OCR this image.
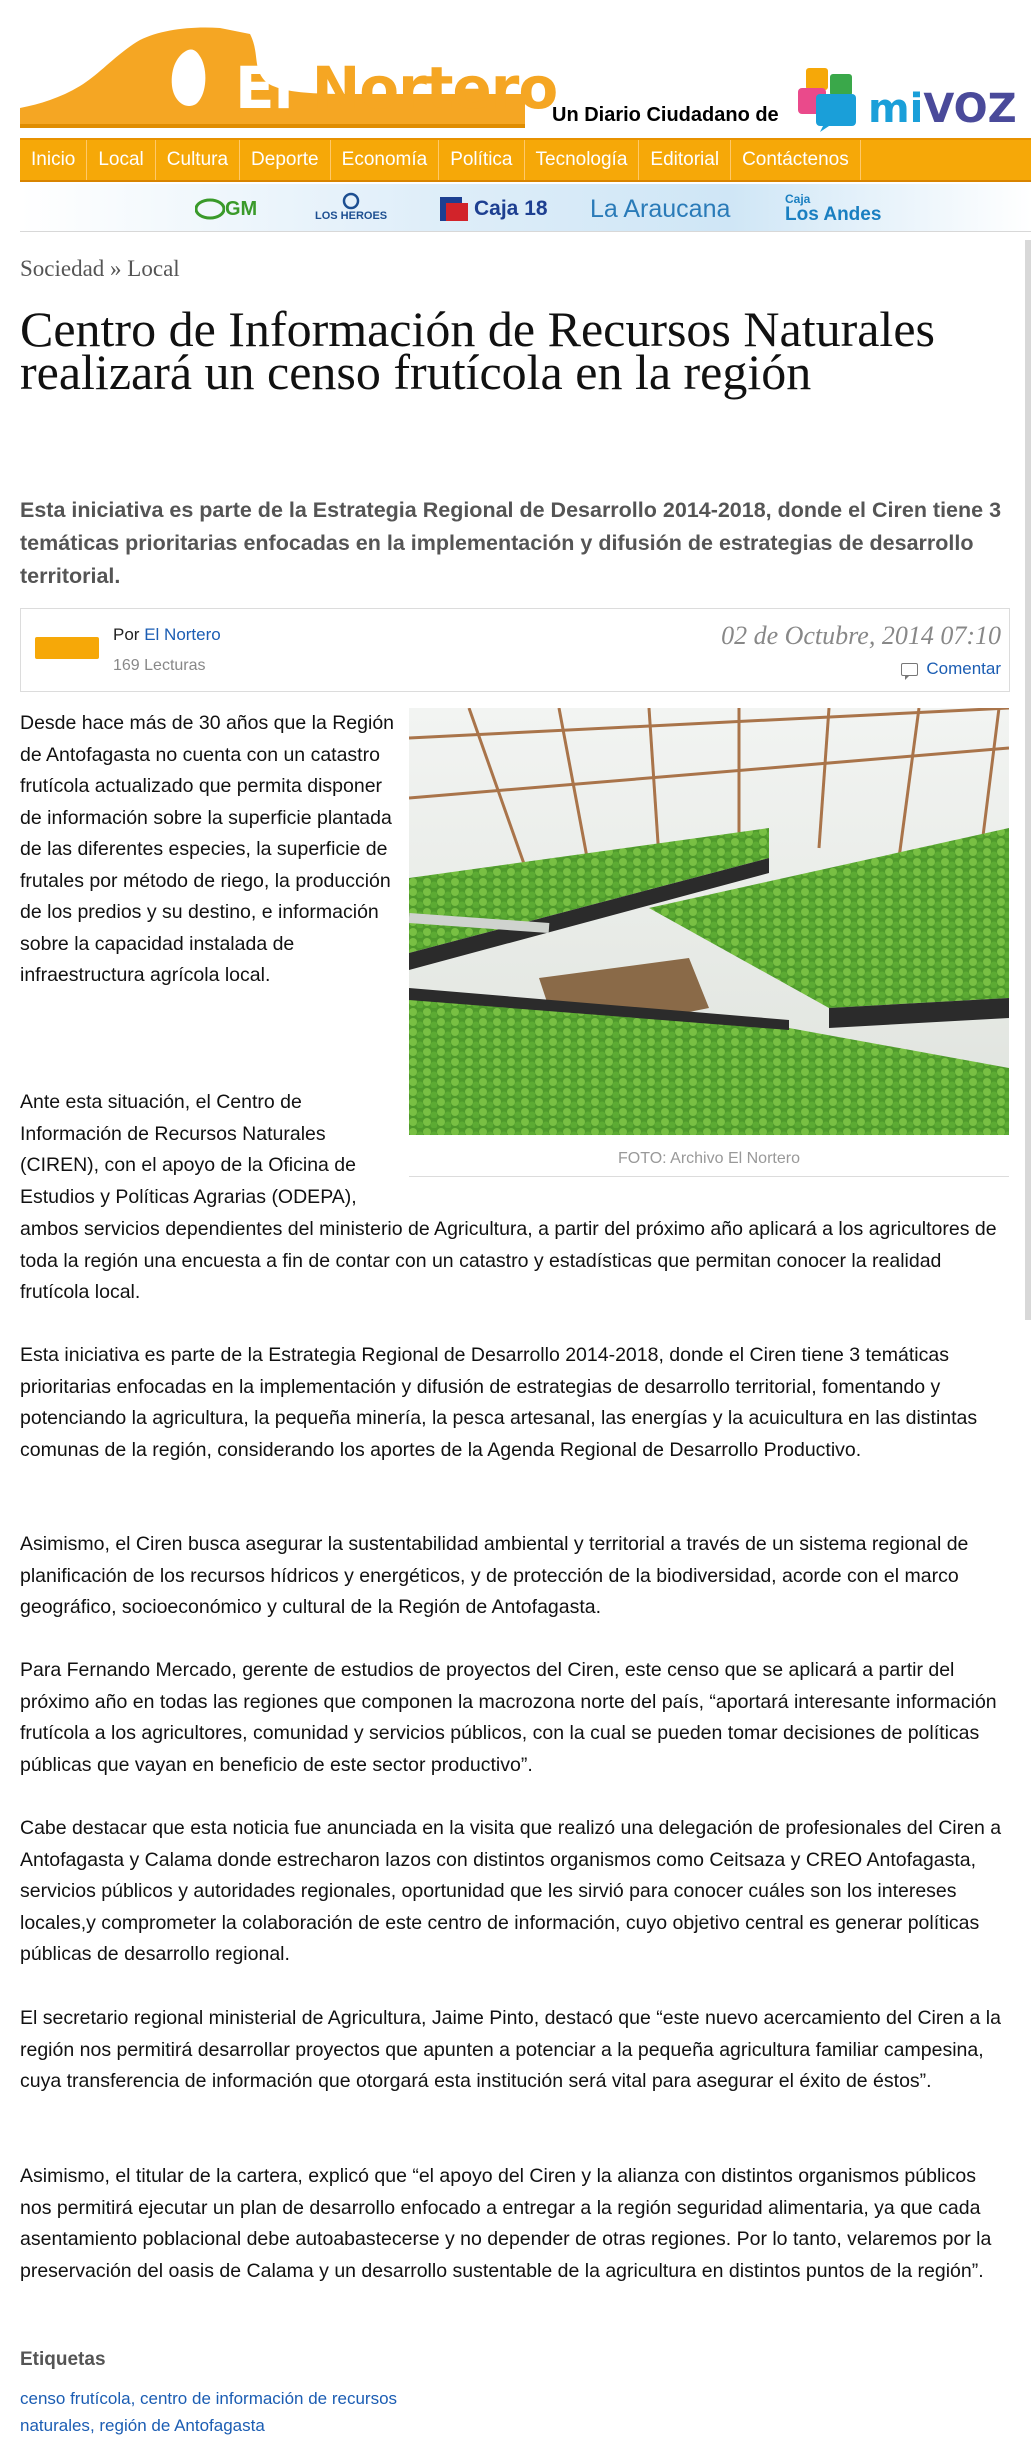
El Nortero
Un Diario Ciudadano de miVOZ
Inicio	Local	Cultura	Deporte	Economía	Política	Tecnología	Editorial	Contáctenos
GM	LOS HEROES	Caja 18 La Araucana	Caja
Los Andes
Sociedad » Local
Centro de Información de Recursos Naturales realizará un censo frutícola en la región
Esta iniciativa es parte de la Estrategia Regional de Desarrollo 2014-2018, donde el Ciren tiene 3 temáticas prioritarias enfocadas en la implementación y difusión de estrategias de desarrollo territorial.
Por El Nortero
169 Lecturas
02 de Octubre, 2014 07:10
Comentar
FOTO: Archivo El Nortero

Desde hace más de 30 años que la Región de Antofagasta no cuenta con un catastro frutícola actualizado que permita disponer de información sobre la superficie plantada de las diferentes especies, la superficie de frutales por método de riego, la producción de los predios y su destino, e información sobre la capacidad instalada de infraestructura agrícola local.

Ante esta situación, el Centro de Información de Recursos Naturales (CIREN), con el apoyo de la Oficina de Estudios y Políticas Agrarias (ODEPA),

ambos servicios dependientes del ministerio de Agricultura, a partir del próximo año aplicará a los agricultores de toda la región una encuesta a fin de contar con un catastro y estadísticas que permitan conocer la realidad frutícola local.

Esta iniciativa es parte de la Estrategia Regional de Desarrollo 2014-2018, donde el Ciren tiene 3 temáticas prioritarias enfocadas en la implementación y difusión de estrategias de desarrollo territorial, fomentando y potenciando la agricultura, la pequeña minería, la pesca artesanal, las energías y la acuicultura en las distintas comunas de la región, considerando los aportes de la Agenda Regional de Desarrollo Productivo.

Asimismo, el Ciren busca asegurar la sustentabilidad ambiental y territorial a través de un sistema regional de planificación de los recursos hídricos y energéticos, y de protección de la biodiversidad, acorde con el marco geográfico, socioeconómico y cultural de la Región de Antofagasta.

Para Fernando Mercado, gerente de estudios de proyectos del Ciren, este censo que se aplicará a partir del próximo año en todas las regiones que componen la macrozona norte del país, “aportará interesante información frutícola a los agricultores, comunidad y servicios públicos, con la cual se pueden tomar decisiones de políticas públicas que vayan en beneficio de este sector productivo”.

Cabe destacar que esta noticia fue anunciada en la visita que realizó una delegación de profesionales del Ciren a Antofagasta y Calama donde estrecharon lazos con distintos organismos como Ceitsaza y CREO Antofagasta, servicios públicos y autoridades regionales, oportunidad que les sirvió para conocer cuáles son los intereses locales,y comprometer la colaboración de este centro de información, cuyo objetivo central es generar políticas públicas de desarrollo regional.

El secretario regional ministerial de Agricultura, Jaime Pinto, destacó que “este nuevo acercamiento del Ciren a la región nos permitirá desarrollar proyectos que apunten a potenciar a la pequeña agricultura familiar campesina, cuya transferencia de información que otorgará esta institución será vital para asegurar el éxito de éstos”.

Asimismo, el titular de la cartera, explicó que “el apoyo del Ciren y la alianza con distintos organismos públicos nos permitirá ejecutar un plan de desarrollo enfocado a entregar a la región seguridad alimentaria, ya que cada asentamiento poblacional debe autoabastecerse y no depender de otras regiones. Por lo tanto, velaremos por la preservación del oasis de Calama y un desarrollo sustentable de la agricultura en distintos puntos de la región”.

Etiquetas
censo frutícola, centro de información de recursos naturales, región de Antofagasta
